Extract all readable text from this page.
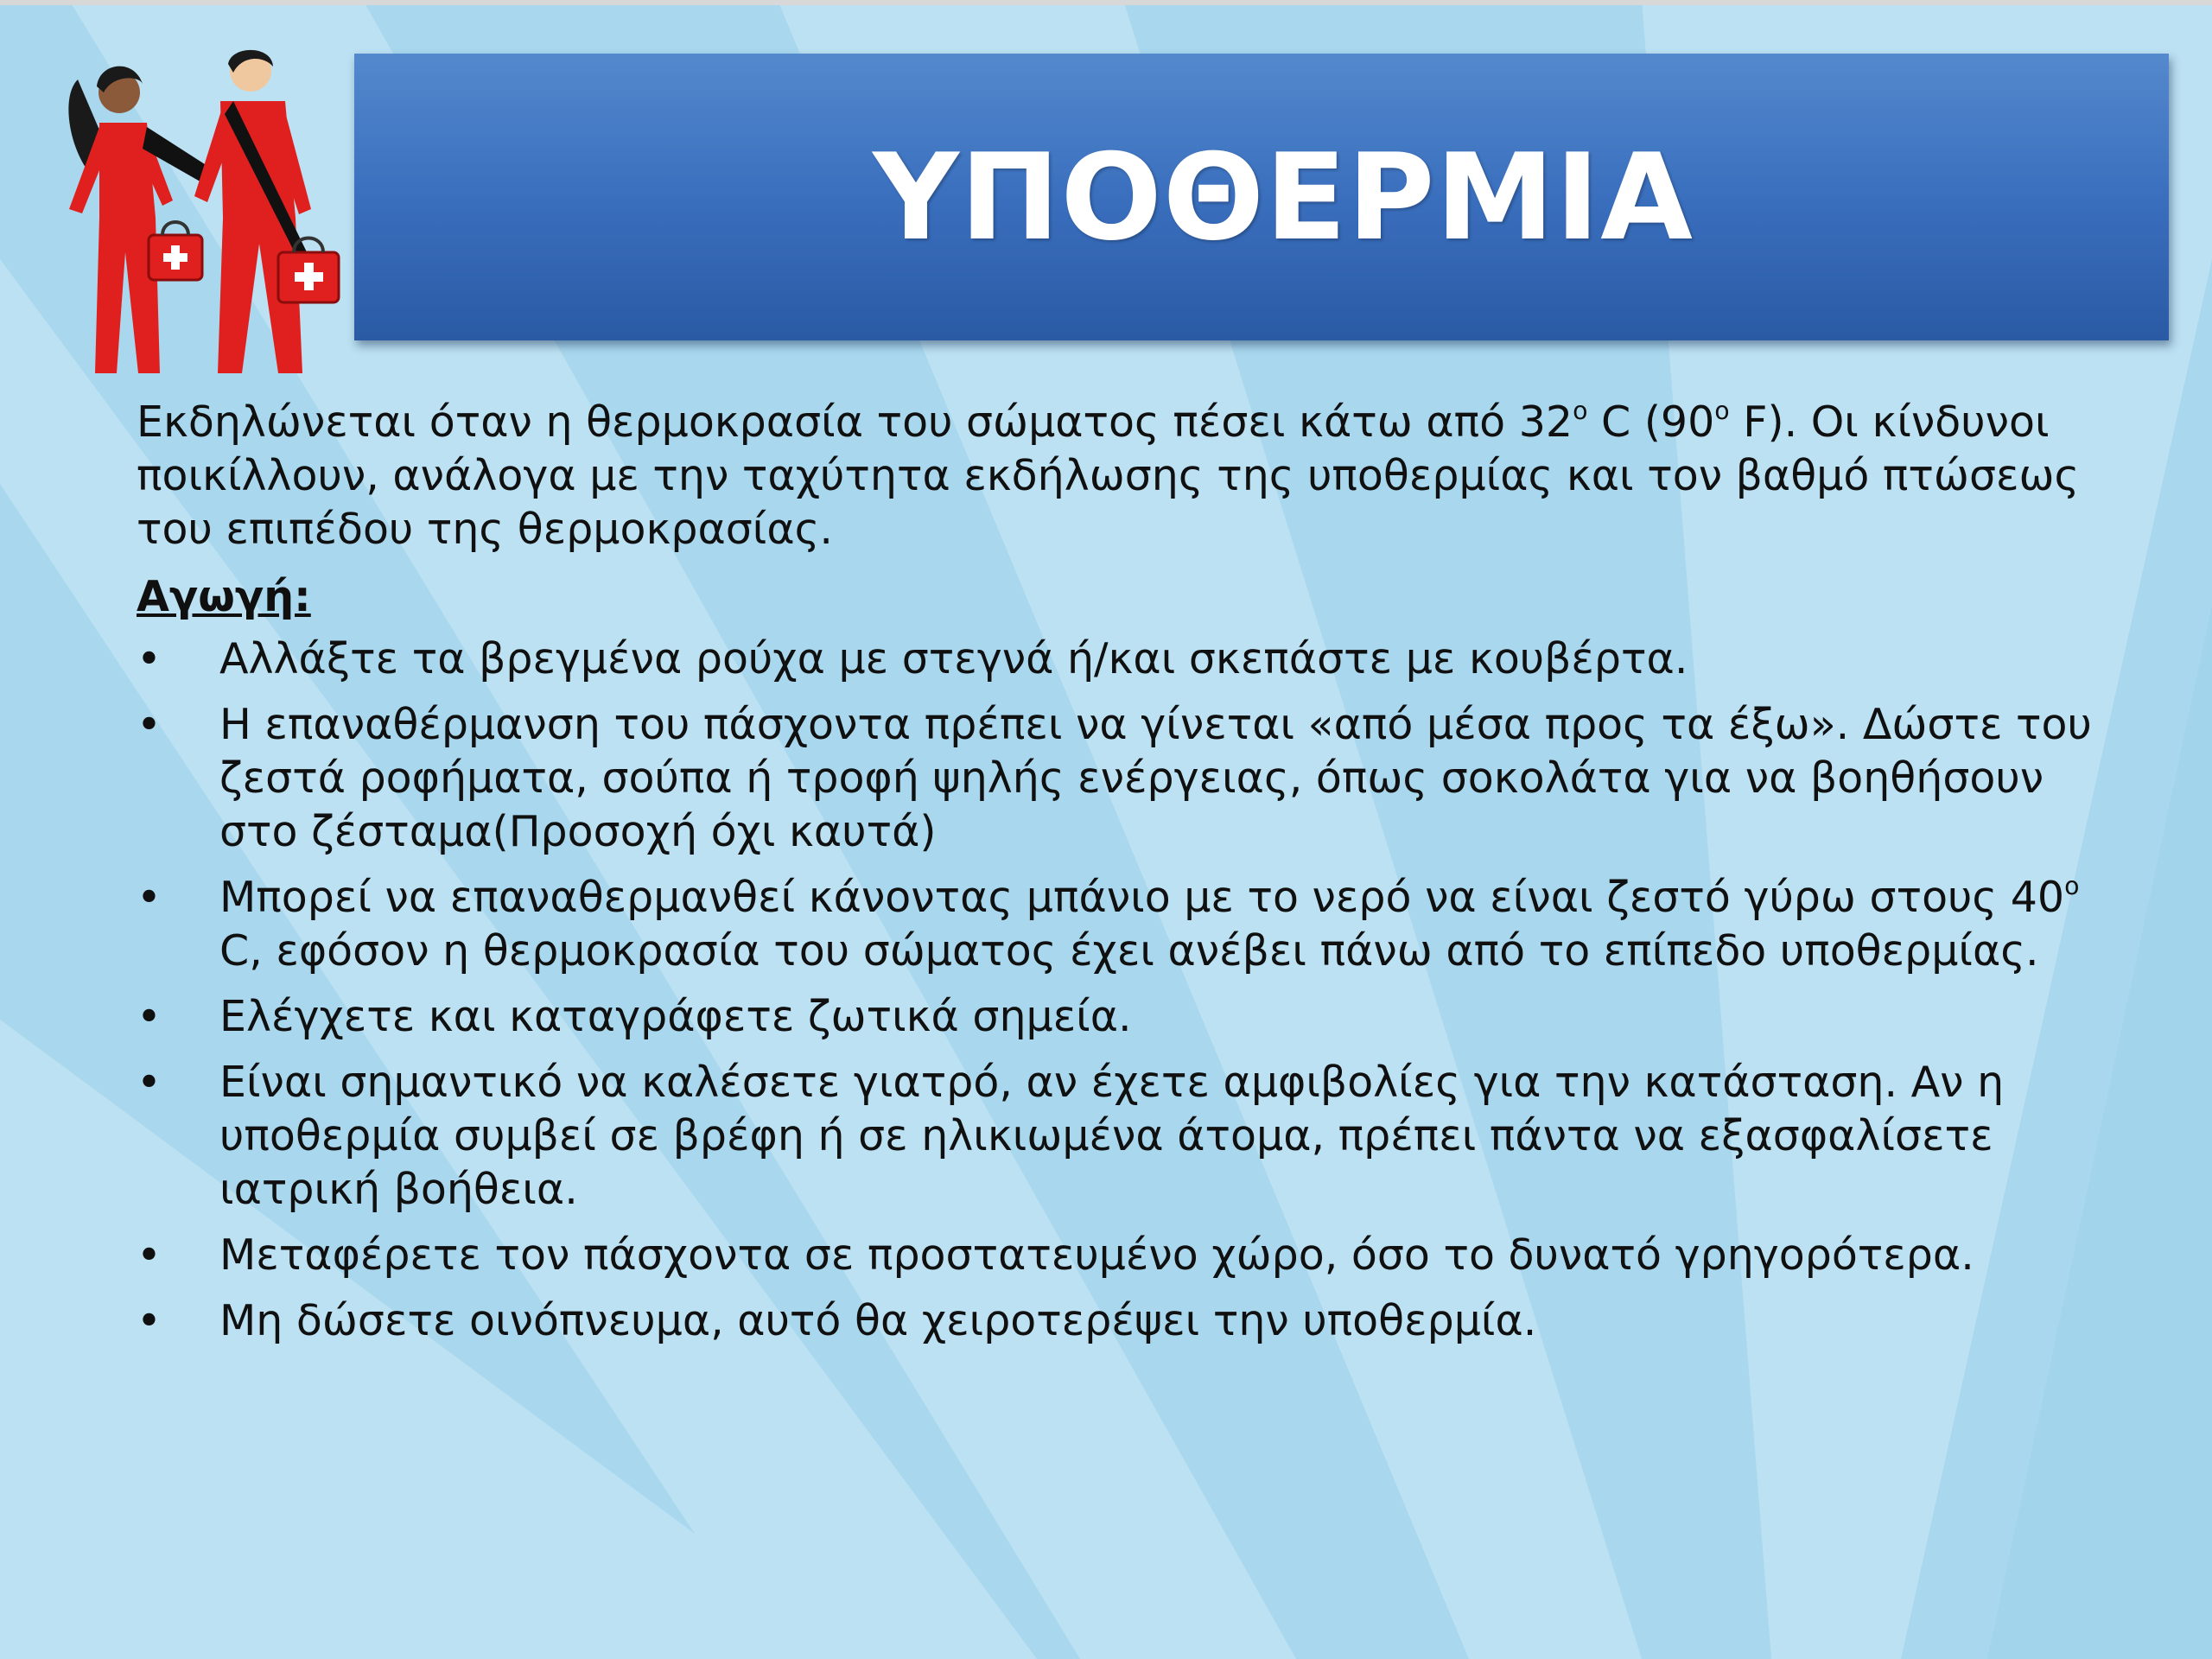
ΥΠΟΘΕΡΜΙΑ

Εκδηλώνεται όταν η θερμοκρασία του σώματος πέσει κάτω από $32^o$ C ($90^o$ F). Οι κίνδυνοι ποικίλλουν, ανάλογα με την ταχύτητα εκδήλωσης της υποθερμίας και τον βαθμό πτώσεως του επιπέδου της θερμοκρασίας.

Αγωγή:
• Αλλάξτε τα βρεγμένα ρούχα με στεγνά ή/και σκεπάστε με κουβέρτα.
• Η επαναθέρμανση του πάσχοντα πρέπει να γίνεται «από μέσα προς τα έξω». Δώστε του ζεστά ροφήματα, σούπα ή τροφή ψηλής ενέργειας, όπως σοκολάτα για να βοηθήσουν στο ζέσταμα(Προσοχή όχι καυτά)
• Μπορεί να επαναθερμανθεί κάνοντας μπάνιο με το νερό να είναι ζεστό γύρω στους $40^o$ C, εφόσον η θερμοκρασία του σώματος έχει ανέβει πάνω από το επίπεδο υποθερμίας.
• Ελέγχετε και καταγράφετε ζωτικά σημεία.
• Είναι σημαντικό να καλέσετε γιατρό, αν έχετε αμφιβολίες για την κατάσταση. Αν η υποθερμία συμβεί σε βρέφη ή σε ηλικιωμένα άτομα, πρέπει πάντα να εξασφαλίσετε ιατρική βοήθεια.
• Μεταφέρετε τον πάσχοντα σε προστατευμένο χώρο, όσο το δυνατό γρηγορότερα.
• Μη δώσετε οινόπνευμα, αυτό θα χειροτερέψει την υποθερμία.
